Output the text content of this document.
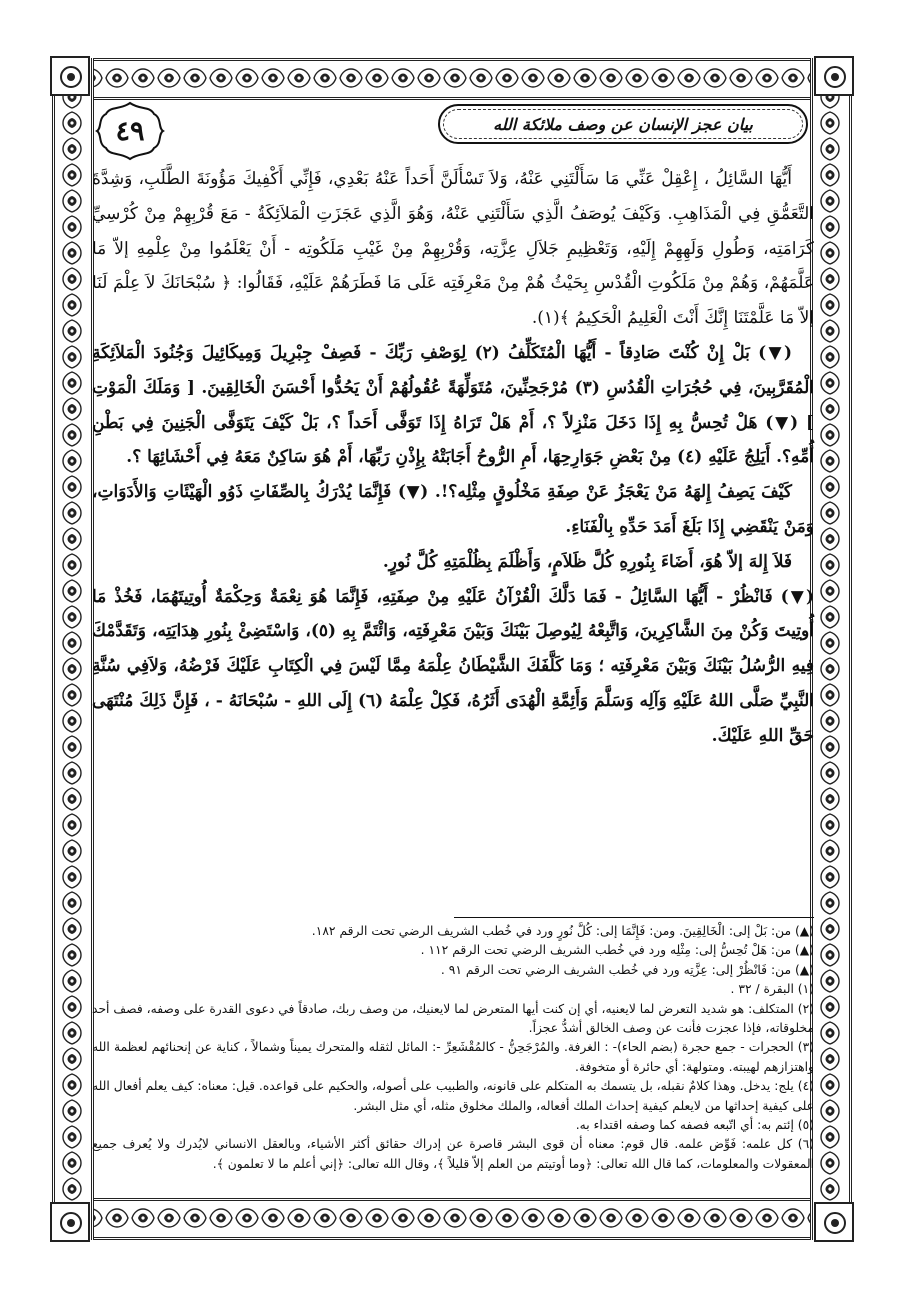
بيان عجز الإنسان عن وصف ملائكة الله
٤٩

أَيُّهَا السَّائِلُ ، إِعْقِلْ عَنِّي مَا سَأَلْتَنِي عَنْهُ، وَلاَ تَسْأَلَنَّ أَحَداً عَنْهُ بَعْدِي، فَإِنِّي أَكْفِيكَ مَؤُونَةَ الطَّلَبِ، وَشِدَّةَ التَّعَمُّقِ فِي الْمَذَاهِبِ. وَكَيْفَ يُوصَفُ الَّذِي سَأَلْتَنِي عَنْهُ، وَهُوَ الَّذِي عَجَزَتِ الْمَلاَئِكَةُ - مَعَ قُرْبِهِمْ مِنْ كُرْسِيِّ كَرَامَتِه، وَطُولِ وَلَهِهِمْ إِلَيْهِ، وَتَعْظِيمِ جَلاَلِ عِزَّتِه، وَقُرْبِهِمْ مِنْ غَيْبِ مَلَكُوتِه - أَنْ يَعْلَمُوا مِنْ عِلْمِهِ إلاّ مَا عَلَّمَهُمْ، وَهُمْ مِنْ مَلَكُوتِ الْقُدْسِ بِحَيْثُ هُمْ مِنْ مَعْرِفَتِه عَلَى مَا فَطَرَهُمْ عَلَيْهِ، فَقَالُوا: ﴿ سُبْحَانَكَ لاَ عِلْمَ لَنَا إلاّ مَا عَلَّمْتَنَا إِنَّكَ أَنْتَ الْعَلِيمُ الْحَكِيمُ ﴾(١).

(▼) بَلْ إِنْ كُنْتَ صَادِقاً - أَيُّهَا الْمُتَكَلِّفُ (٢) لِوَصْفِ رَبِّكَ - فَصِفْ جِبْرِيلَ وَمِيكَائِيلَ وَجُنُودَ الْمَلاَئِكَةِ الْمُقَرَّبِينَ، فِي حُجُرَاتِ الْقُدُسِ (٣) مُرْجَحِنِّينَ، مُتَوَلِّهَةً عُقُولُهُمْ أَنْ يَحُدُّوا أَحْسَنَ الْخَالِقِينَ. [ وَمَلَكَ الْمَوْتِ ] (▼) هَلْ تُحِسُّ بِهِ إِذَا دَخَلَ مَنْزِلاً ؟، أَمْ هَلْ تَرَاهُ إِذَا تَوَفَّى أَحَداً ؟، بَلْ كَيْفَ يَتَوَفَّى الْجَنِينَ فِي بَطْنِ أُمِّهِ؟. أَيَلِجُ عَلَيْهِ (٤) مِنْ بَعْضِ جَوَارِحِهَا، أَمِ الرُّوحُ أَجَابَتْهُ بِإِذْنِ رَبِّهَا، أَمْ هُوَ سَاكِنٌ مَعَهُ فِي أَحْشَائِهَا ؟.

كَيْفَ يَصِفُ إِلهَهُ مَنْ يَعْجَزُ عَنْ صِفَةِ مَخْلُوقٍ مِثْلِه؟!. (▼) فَإِنَّمَا يُدْرَكُ بِالصِّفَاتِ ذَوُو الْهَيْئَاتِ وَالأَدَوَاتِ، وَمَنْ يَنْقَضِي إِذَا بَلَغَ أَمَدَ حَدِّهِ بِالْفَنَاءِ.

فَلاَ إِلهَ إلاّ هُوَ، أَضَاءَ بِنُورِهِ كُلَّ ظَلاَمٍ، وَأَظْلَمَ بِظُلْمَتِهِ كُلَّ نُورٍ.

(▼) فَانْظُرْ - أَيُّهَا السَّائِلُ - فَمَا دَلَّكَ الْقُرْآنُ عَلَيْهِ مِنْ صِفَتِهِ، فَإِنَّمَا هُوَ نِعْمَةٌ وَحِكْمَةٌ أُوتِيتَهُمَا، فَخُذْ مَا أُوتِيتَ وَكُنْ مِنَ الشَّاكِرِينَ، وَاتَّبِعْهُ لِيُوصِلَ بَيْنَكَ وَبَيْنَ مَعْرِفَتِه، وَائْتَمَّ بِهِ (٥)، وَاسْتَضِئْ بِنُورِ هِدَايَتِه، وَتَقَدَّمْكَ فِيهِ الرُّسُلُ بَيْنَكَ وَبَيْنَ مَعْرِفَتِه ؛ وَمَا كَلَّفَكَ الشَّيْطَانُ عِلْمَهُ مِمَّا لَيْسَ فِي الْكِتَابِ عَلَيْكَ فَرْضُهُ، وَلاَفِي سُنَّةِ النَّبِيِّ صَلَّى اللهُ عَلَيْهِ وَآلِه وَسَلَّمَ وَأَئِمَّةِ الْهُدَى أَثَرُهُ، فَكِلْ عِلْمَهُ (٦) إِلَى اللهِ - سُبْحَانَهُ - ، فَإِنَّ ذَلِكَ مُنْتَهَى حَقِّ اللهِ عَلَيْكَ.

(▲) من: بَلْ إلى: الْخَالِقِينَ. ومن: فَإِنَّمَا إلى: كُلَّ نُورٍ ورد في خُطب الشريف الرضي تحت الرقم ١٨٢.

(▲) من: هَلْ تُحِسُّ إلى: مِثْلِه ورد في خُطب الشريف الرضي تحت الرقم ١١٢ .

(▲) من: فَانْظُرْ إلى: عِزَّتِه ورد في خُطب الشريف الرضي تحت الرقم ٩١ .

(١) البقرة / ٣٢ .

(٢) المتكلف: هو شديد التعرض لما لايعنيه، أي إن كنت أيها المتعرض لما لايعنيك، من وصف ربك، صادقاً في دعوى القدرة على وصفه، فصف أحد مخلوقاته، فإذا عجزت فأنت عن وصف الخالق أشدُّ عجزاً.

(٣) الحجرات - جمع حجرة (بضم الحاء)- : الغرفة. والمُرْجَحِنُّ - كالمُقْشَعِرِّ -: المائل لثقله والمتحرك يميناً وشمالاً ، كناية عن إنحنائهم لعظمة الله واهتزازهم لهيبته. ومتولهة: أي حائرة أو متخوفة.

(٤) يلج: يدخل. وهذا كلامٌ نقبله، بل يتسمك به المتكلم على قانونه، والطبيب على أصوله، والحكيم على قواعده. قيل: معناه: كيف يعلم أفعال الله على كيفية إحداثها من لايعلم كيفية إحداث الملك أفعاله، والملك مخلوق مثله، أي مثل البشر.

(٥) إئتم به: أي اتّبعه فصفه كما وصفه اقتداء به.

(٦) كل علمه: فَوِّض علمه. قال قوم: معناه أن قوى البشر قاصرة عن إدراك حقائق أكثر الأشياء، وبالعقل الانساني لايُدرك ولا يُعرف جميع المعقولات والمعلومات، كما قال الله تعالى: ﴿وما أوتيتم من العلم إلاّ قليلاً ﴾، وقال الله تعالى: ﴿إني أعلم ما لا تعلمون ﴾.
